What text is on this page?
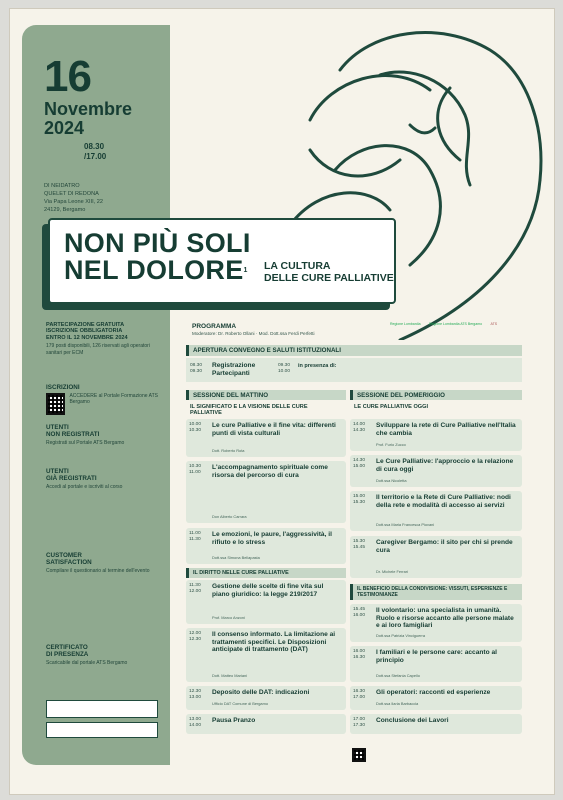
16
Novembre
2024
08.30
/17.00
DI NEIDATRO
QUELET DI REDONA
Via Papa Leone XIII, 22
24129, Bergamo
NON PIÙ SOLI
NEL DOLORE$^1$ LA CULTURA
DELLE CURE PALLIATIVE
PARTECIPAZIONE GRATUITA
ISCRIZIONE OBBLIGATORIA
ENTRO IL 12 NOVEMBRE 2024
179 posti disponibili, 126 riservati agli operatori sanitari per ECM
ISCRIZIONI
ACCEDERE al Portale Formazione ATS Bergamo
UTENTI
NON REGISTRATI
Registrati sul Portale ATS Bergamo
UTENTI
GIÀ REGISTRATI
Accedi al portale e iscriviti al corso
CUSTOMER
SATISFACTION
Compilare il questionario al termine dell'evento
CERTIFICATO
DI PRESENZA
Scaricabile dal portale ATS Bergamo
PROGRAMMA
Moderatore: Dr. Roberto Ollani · Mod. Dott.ssa Ferdi Perfetti
Regione Lombardia Regione Lombardia ATS Bergamo ATS
APERTURA CONVEGNO E SALUTI ISTITUZIONALI
08.30
09.30
Registrazione
Partecipanti
09.30
10.00
in presenza di:
SESSIONE DEL MATTINO	SESSIONE DEL POMERIGGIO
IL SIGNIFICATO E LA VISIONE DELLE CURE PALLIATIVE
LE CURE PALLIATIVE OGGI
IL DIRITTO NELLE CURE PALLIATIVE
IL BENEFICIO DELLA CONDIVISIONE: VISSUTI, ESPERIENZE E TESTIMONIANZE
10.00
10.30
Le cure Palliative e il fine vita: differenti punti di vista culturali
Dott. Roberto Rota
10.30
11.00
L'accompagnamento spirituale come risorsa del percorso di cura
Don Alberto Carrara
11.00
11.30
Le emozioni, le paure, l'aggressività, il rifiuto e lo stress
Dott.ssa Simona Bellapasta
11.30
12.00
Gestione delle scelte di fine vita sul piano giuridico: la legge 219/2017
Prof. Marco Anzoni
12.00
12.30
Il consenso informato. La limitazione ai trattamenti specifici. Le Disposizioni anticipate di trattamento (DAT)
Dott. Matteo Mariani
12.30
13.00
Deposito delle DAT: indicazioni
Ufficio DAT Comune di Bergamo
13.00
14.00
Pausa Pranzo
14.00
14.30
Sviluppare la rete di Cure Palliative nell'Italia che cambia
Prof. Furio Zucco
14.30
15.00
Le Cure Palliative: l'approccio e la relazione di cura oggi
Dott.ssa Nicoletta
15.00
15.30
Il territorio e la Rete di Cure Palliative: nodi della rete e modalità di accesso ai servizi
Dott.ssa Maria Francesca Piovani
15.30
15.45
Caregiver Bergamo: il sito per chi si prende cura
Dr. Michele Ferrari
15.45
16.00
Il volontario: una specialista in umanità. Ruolo e risorse accanto alle persone malate e ai loro famigliari
Dott.ssa Patrizia Vinciguerra
16.00
16.30
I familiari e le persone care: accanto al principio
Dott.ssa Stefania Capello
16.30
17.00
Gli operatori: racconti ed esperienze
Dott.ssa Ilaria Barbaccia
17.00
17.30
Conclusione dei Lavori
